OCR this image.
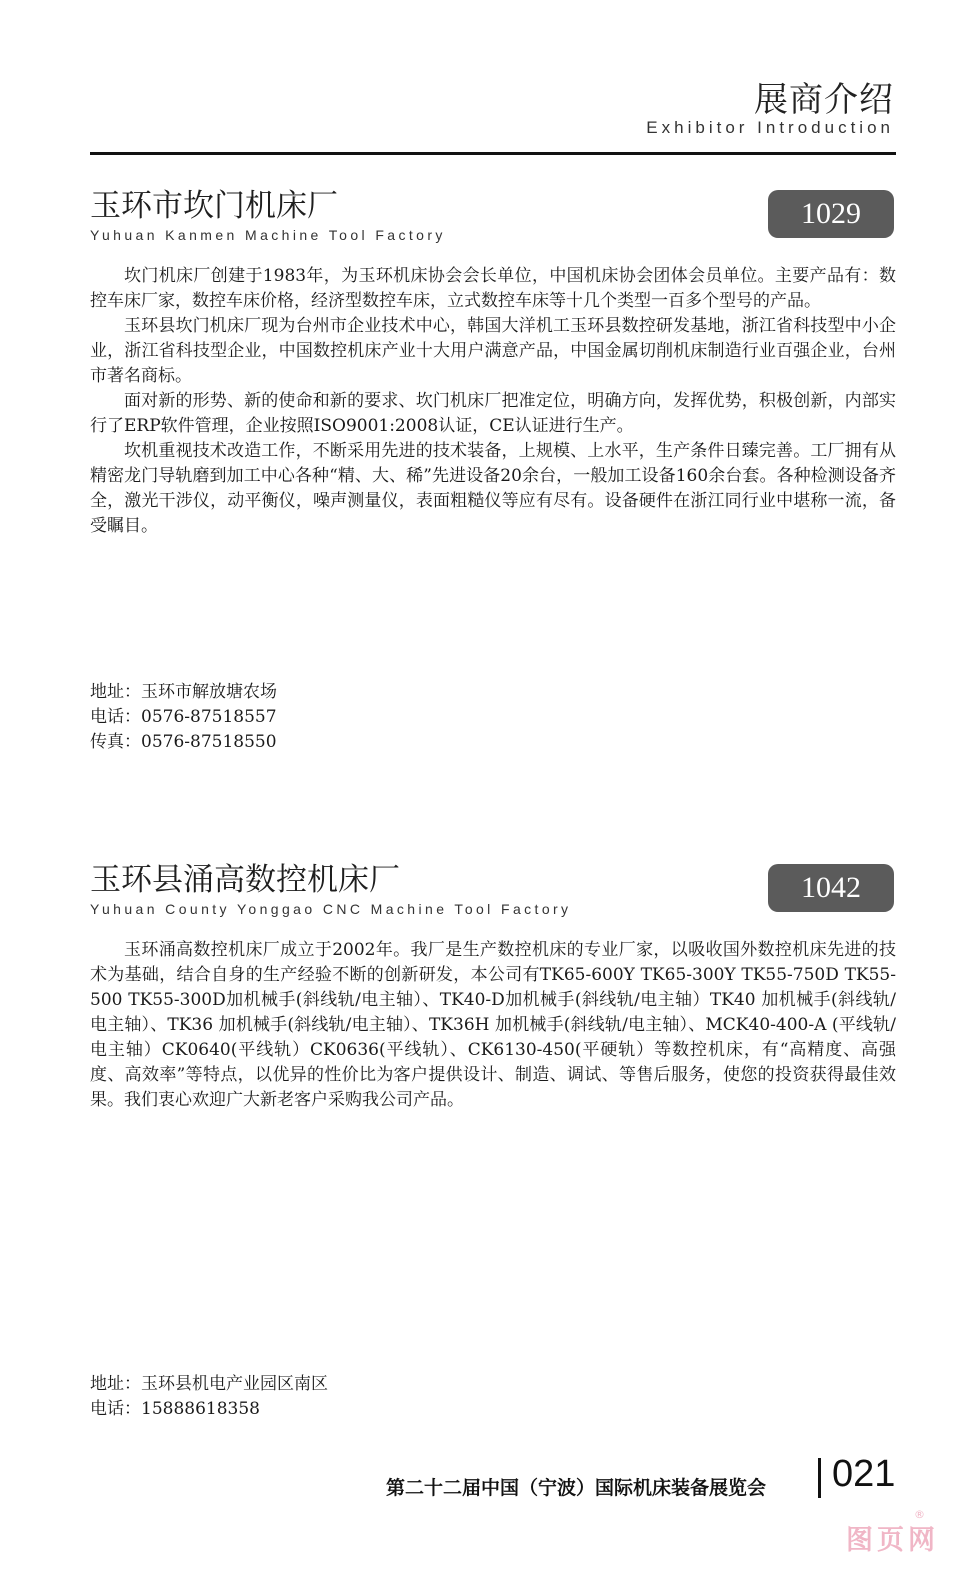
展商介绍
Exhibitor Introduction
玉环市坎门机床厂
Yuhuan Kanmen Machine Tool Factory
1029

坎门机床厂创建于1983年，为玉环机床协会会长单位，中国机床协会团体会员单位。主要产品有：数控车床厂家，数控车床价格，经济型数控车床，立式数控车床等十几个类型一百多个型号的产品。

玉环县坎门机床厂现为台州市企业技术中心，韩国大洋机工玉环县数控研发基地，浙江省科技型中小企业，浙江省科技型企业，中国数控机床产业十大用户满意产品，中国金属切削机床制造行业百强企业，台州市著名商标。

面对新的形势、新的使命和新的要求、坎门机床厂把准定位，明确方向，发挥优势，积极创新，内部实行了ERP软件管理，企业按照ISO9001:2008认证，CE认证进行生产。

坎机重视技术改造工作，不断采用先进的技术装备，上规模、上水平，生产条件日臻完善。工厂拥有从精密龙门导轨磨到加工中心各种“精、大、稀”先进设备20余台，一般加工设备160余台套。各种检测设备齐全，激光干涉仪，动平衡仪，噪声测量仪，表面粗糙仪等应有尽有。设备硬件在浙江同行业中堪称一流，备受瞩目。

地址：玉环市解放塘农场
电话：0576-87518557
传真：0576-87518550
玉环县涌高数控机床厂
Yuhuan County Yonggao CNC Machine Tool Factory
1042

玉环涌高数控机床厂成立于2002年。我厂是生产数控机床的专业厂家，以吸收国外数控机床先进的技术为基础，结合自身的生产经验不断的创新研发，本公司有TK65-600Y TK65-300Y TK55-750D TK55-500 TK55-300D加机械手(斜线轨/电主轴）、TK40-D加机械手(斜线轨/电主轴）TK40 加机械手(斜线轨/电主轴）、TK36 加机械手(斜线轨/电主轴）、TK36H 加机械手(斜线轨/电主轴）、MCK40-400-A (平线轨/电主轴）CK0640(平线轨）CK0636(平线轨）、CK6130-450(平硬轨）等数控机床，有“高精度、高强度、高效率”等特点，以优异的性价比为客户提供设计、制造、调试、等售后服务，使您的投资获得最佳效果。我们衷心欢迎广大新老客户采购我公司产品。

地址：玉环县机电产业园区南区
电话：15888618358
第二十二届中国（宁波）国际机床装备展览会 021
图页网
®
